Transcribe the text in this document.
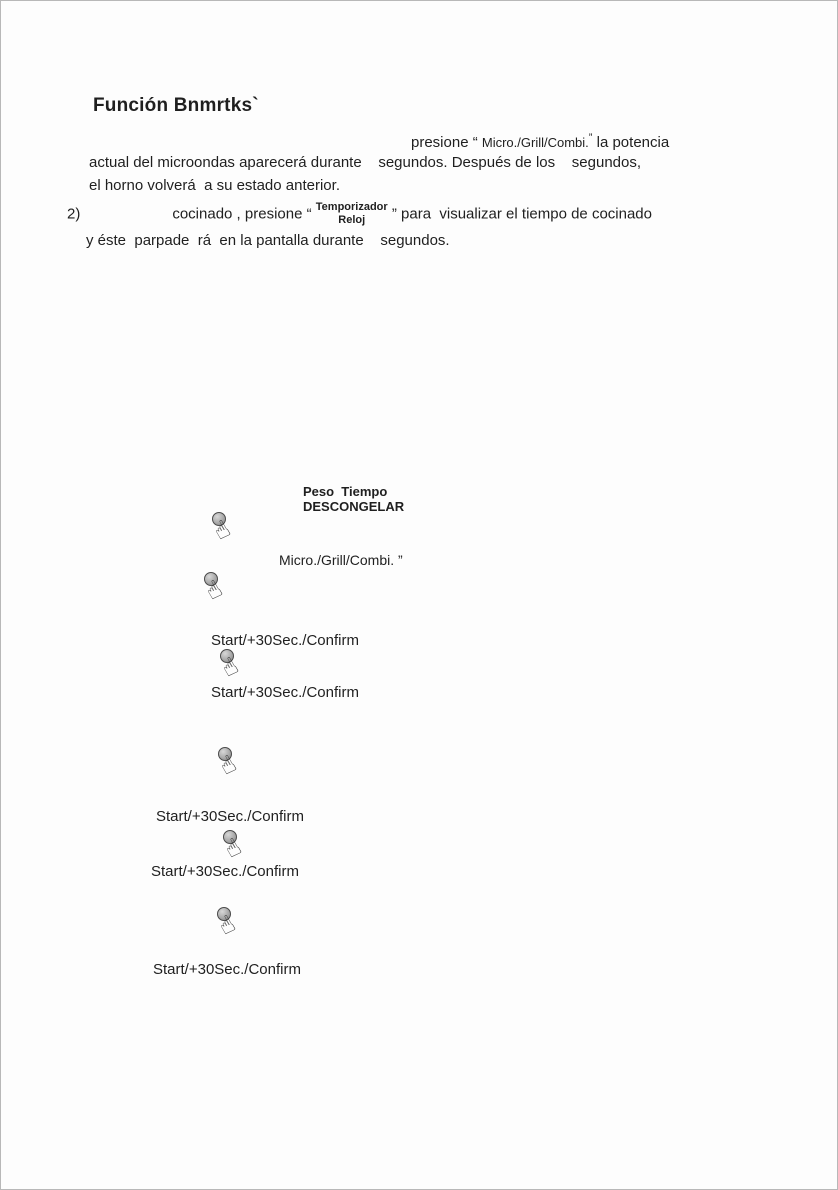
Función Bnmrtks`
presione “ Micro./Grill/Combi.” la potencia
actual del microondas aparecerá durante    segundos. Después de los    segundos,
el horno volverá  a su estado anterior.
2)	cocinado , presione “ Temporizador
Reloj ” para  visualizar el tiempo de cocinado
y éste  parpade  rá  en la pantalla durante    segundos.
Peso  Tiempo
DESCONGELAR

☝

Micro./Grill/Combi. ”

☝

Start/+30Sec./Confirm

☝

Start/+30Sec./Confirm

☝

Start/+30Sec./Confirm

☝

Start/+30Sec./Confirm

☝

Start/+30Sec./Confirm
